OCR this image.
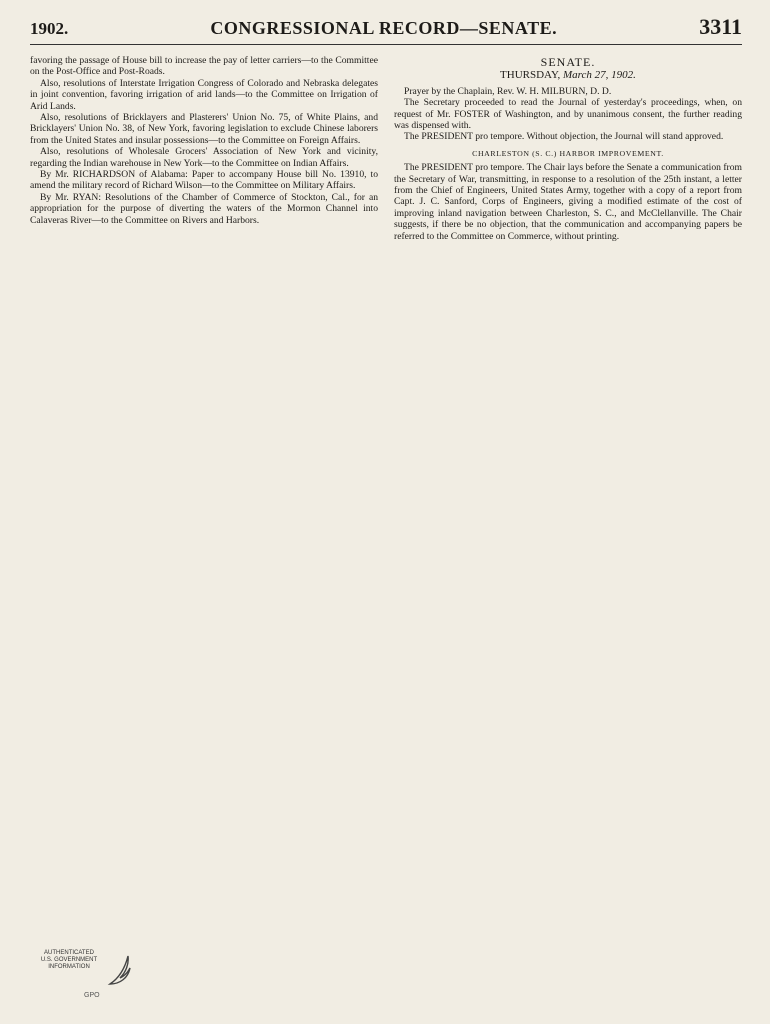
1902.	CONGRESSIONAL RECORD—SENATE.	3311

favoring the passage of House bill to increase the pay of letter carriers—to the Committee on the Post-Office and Post-Roads.

Also, resolutions of Interstate Irrigation Congress of Colorado and Nebraska delegates in joint convention, favoring irrigation of arid lands—to the Committee on Irrigation of Arid Lands.

Also, resolutions of Bricklayers and Plasterers' Union No. 75, of White Plains, and Bricklayers' Union No. 38, of New York, favoring legislation to exclude Chinese laborers from the United States and insular possessions—to the Committee on Foreign Affairs.

Also, resolutions of Wholesale Grocers' Association of New York and vicinity, regarding the Indian warehouse in New York—to the Committee on Indian Affairs.

By Mr. RICHARDSON of Alabama: Paper to accompany House bill No. 13910, to amend the military record of Richard Wilson—to the Committee on Military Affairs.

By Mr. RYAN: Resolutions of the Chamber of Commerce of Stockton, Cal., for an appropriation for the purpose of diverting the waters of the Mormon Channel into Calaveras River—to the Committee on Rivers and Harbors.

SENATE.
THURSDAY, March 27, 1902.

Prayer by the Chaplain, Rev. W. H. MILBURN, D. D.

The Secretary proceeded to read the Journal of yesterday's proceedings, when, on request of Mr. FOSTER of Washington, and by unanimous consent, the further reading was dispensed with.

The PRESIDENT pro tempore. Without objection, the Journal will stand approved.

CHARLESTON (S. C.) HARBOR IMPROVEMENT.

The PRESIDENT pro tempore. The Chair lays before the Senate a communication from the Secretary of War, transmitting, in response to a resolution of the 25th instant, a letter from the Chief of Engineers, United States Army, together with a copy of a report from Capt. J. C. Sanford, Corps of Engineers, giving a modified estimate of the cost of improving inland navigation between Charleston, S. C., and McClellanville. The Chair suggests, if there be no objection, that the communication and accompanying papers be referred to the Committee on Commerce, without printing.

AUTHENTICATED
U.S. GOVERNMENT
INFORMATION
GPO
